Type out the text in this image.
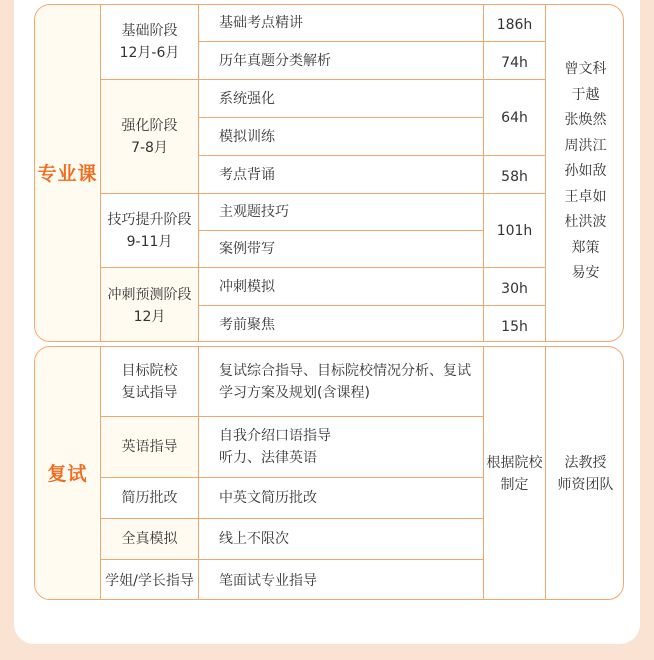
专业课
基础阶段
12月-6月
强化阶段
7-8月
技巧提升阶段
9-11月
冲刺预测阶段
12月
基础考点精讲
历年真题分类解析
系统强化
模拟训练
考点背诵
主观题技巧
案例带写
冲刺模拟
考前聚焦
186h
74h
64h
58h
101h
30h
15h
曾文科
于越
张焕然
周洪江
孙如敌
王卓如
杜洪波
郑策
易安
复试
目标院校
复试指导
英语指导
简历批改
全真模拟
学姐/学长指导
复试综合指导、目标院校情况分析、复试
学习方案及规划(含课程)
自我介绍口语指导
听力、法律英语
中英文简历批改
线上不限次
笔面试专业指导
根据院校
制定
法教授
师资团队
